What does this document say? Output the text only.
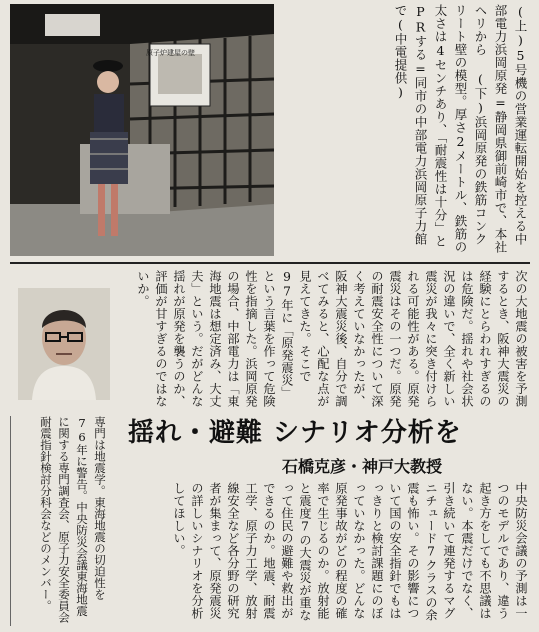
原子炉建屋の壁	(上)5号機の営業運転開始を控える中部電力浜岡原発=静岡県御前崎市で、本社ヘリから (下)浜岡原発の鉄筋コンクリート壁の模型。厚さ2メートル、鉄筋の太さは4センチあり、「耐震性は十分」とPRする=同市の中部電力浜岡原子力館で(中電提供)
次の大地震の被害を予測するとき、阪神大震災の経験にとらわれすぎるのは危険だ。揺れや社会状況の違いで、全く新しい震災が我々に突き付けられる可能性がある。原発震災はその一つだ。原発の耐震安全性について深く考えていなかったが、阪神大震災後、自分で調べてみると、心配な点が見えてきた。そこで97年に「原発震災」という言葉を作って危険性を指摘した。浜岡原発の場合、中部電力は「東海地震は想定済み、大丈夫」という。だがどんな揺れが原発を襲うのか、評価が甘すぎるのではないか。
揺れ・避難 シナリオ分析を
石橋克彦・神戸大教授
専門は地震学。東海地震の切迫性を76年に警告。中央防災会議東海地震に関する専門調査会、原子力安全委員会耐震指針検討分科会などのメンバー。	中央防災会議の予測は一つのモデルであり、違う起き方をしても不思議はない。本震だけでなく、引き続いて連発するマグニチュード7クラスの余震も怖い。その影響について国の安全指針でもはっきりと検討課題にのぼっていなかった。どんな原発事故がどの程度の確率で生じるのか。放射能と震度7の大震災が重なって住民の避難や救出ができるのか。地震、耐震工学、原子力工学、放射線安全など各分野の研究者が集まって、原発震災の詳しいシナリオを分析してほしい。
